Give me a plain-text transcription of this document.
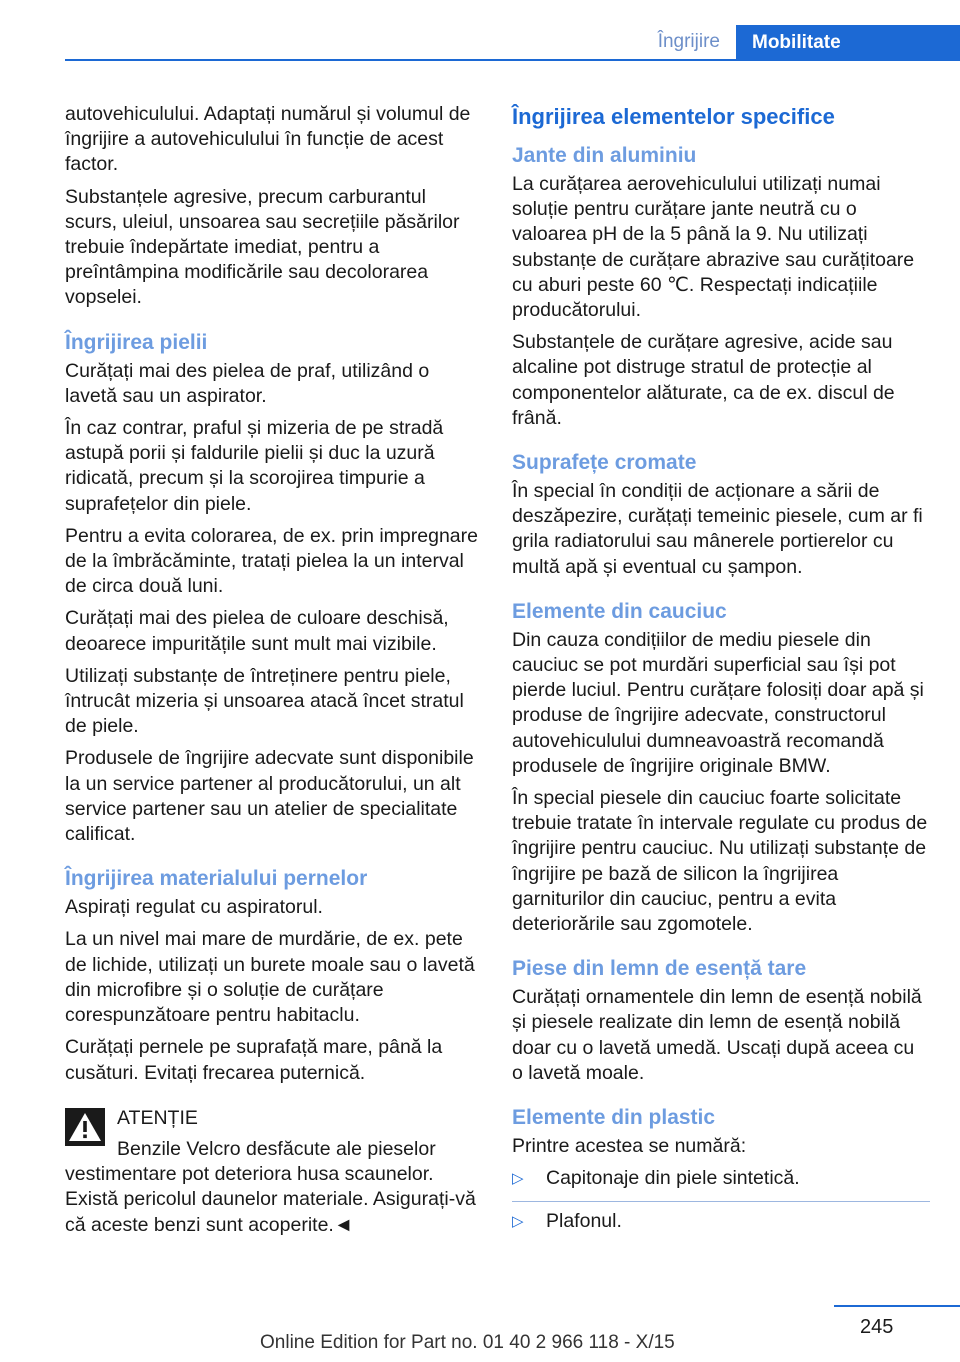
Îngrijire	Mobilitate

autovehiculului. Adaptați numărul și volumul de îngrijire a autovehiculului în funcție de acest factor.

Substanțele agresive, precum carburantul scurs, uleiul, unsoarea sau secrețiile păsărilor trebuie îndepărtate imediat, pentru a preîntâmpina modificările sau decolorarea vopselei.

Îngrijirea pielii

Curățați mai des pielea de praf, utilizând o lavetă sau un aspirator.

În caz contrar, praful și mizeria de pe stradă astupă porii și faldurile pielii și duc la uzură ridicată, precum și la scorojirea timpurie a suprafețelor din piele.

Pentru a evita colorarea, de ex. prin impregnare de la îmbrăcăminte, tratați pielea la un interval de circa două luni.

Curățați mai des pielea de culoare deschisă, deoarece impuritățile sunt mult mai vizibile.

Utilizați substanțe de întreținere pentru piele, întrucât mizeria și unsoarea atacă încet stratul de piele.

Produsele de îngrijire adecvate sunt disponibile la un service partener al producătorului, un alt service partener sau un atelier de specialitate calificat.

Îngrijirea materialului pernelor

Aspirați regulat cu aspiratorul.

La un nivel mai mare de murdărie, de ex. pete de lichide, utilizați un burete moale sau o lavetă din microfibre și o soluție de curățare corespunzătoare pentru habitaclu.

Curățați pernele pe suprafață mare, până la cusături. Evitați frecarea puternică.

ATENȚIE

Benzile Velcro desfăcute ale pieselor vestimentare pot deteriora husa scaunelor. Există pericolul daunelor materiale. Asigurați-vă că aceste benzi sunt acoperite.◄

Îngrijirea elementelor specifice
Jante din aluminiu

La curățarea aerovehiculului utilizați numai soluție pentru curățare jante neutră cu o valoarea pH de la 5 până la 9. Nu utilizați substanțe de curățare abrazive sau curățitoare cu aburi peste 60 ℃. Respectați indicațiile producătorului.

Substanțele de curățare agresive, acide sau alcaline pot distruge stratul de protecție al componentelor alăturate, ca de ex. discul de frână.

Suprafețe cromate

În special în condiții de acționare a sării de deszăpezire, curățați temeinic piesele, cum ar fi grila radiatorului sau mânerele portierelor cu multă apă și eventual cu șampon.

Elemente din cauciuc

Din cauza condițiilor de mediu piesele din cauciuc se pot murdări superficial sau își pot pierde luciul. Pentru curățare folosiți doar apă și produse de îngrijire adecvate, constructorul autovehiculului dumneavoastră recomandă produsele de îngrijire originale BMW.

În special piesele din cauciuc foarte solicitate trebuie tratate în intervale regulate cu produs de îngrijire pentru cauciuc. Nu utilizați substanțe de îngrijire pe bază de silicon la îngrijirea garniturilor din cauciuc, pentru a evita deteriorările sau zgomotele.

Piese din lemn de esență tare

Curățați ornamentele din lemn de esență nobilă și piesele realizate din lemn de esență nobilă doar cu o lavetă umedă. Uscați după aceea cu o lavetă moale.

Elemente din plastic

Printre acestea se numără:

▷ Capitonaje din piele sintetică.
▷ Plafonul.
245
Online Edition for Part no. 01 40 2 966 118 - X/15
